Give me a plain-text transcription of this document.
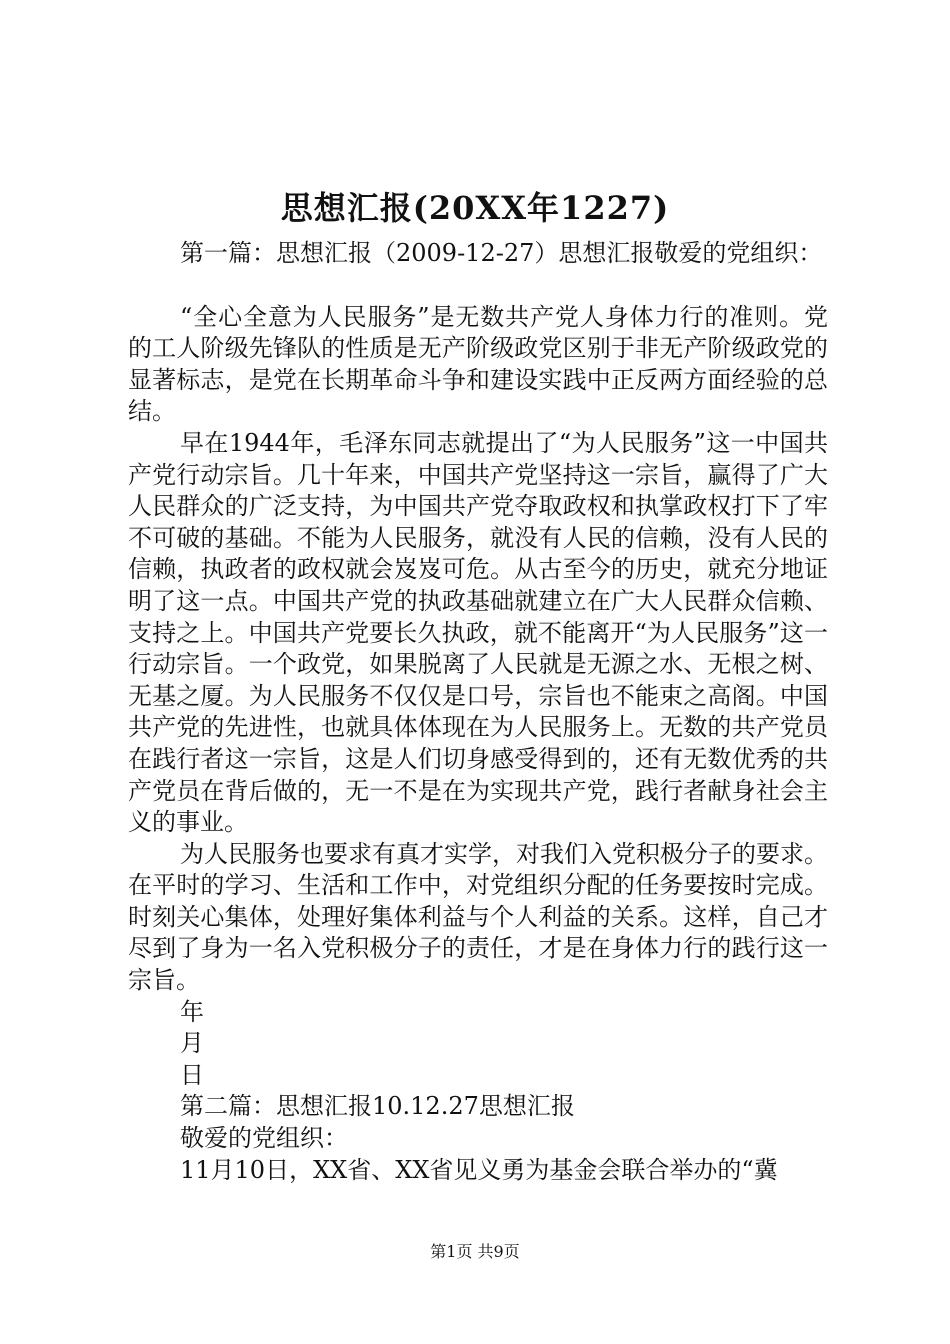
思想汇报(20XX年1227)

第一篇：思想汇报（2009-12-27）思想汇报敬爱的党组织：

“全心全意为人民服务”是无数共产党人身体力行的准则。党的工人阶级先锋队的性质是无产阶级政党区别于非无产阶级政党的显著标志，是党在长期革命斗争和建设实践中正反两方面经验的总结。

早在1944年，毛泽东同志就提出了“为人民服务”这一中国共产党行动宗旨。几十年来，中国共产党坚持这一宗旨，赢得了广大人民群众的广泛支持，为中国共产党夺取政权和执掌政权打下了牢不可破的基础。不能为人民服务，就没有人民的信赖，没有人民的信赖，执政者的政权就会岌岌可危。从古至今的历史，就充分地证明了这一点。中国共产党的执政基础就建立在广大人民群众信赖、支持之上。中国共产党要长久执政，就不能离开“为人民服务”这一行动宗旨。一个政党，如果脱离了人民就是无源之水、无根之树、无基之厦。为人民服务不仅仅是口号，宗旨也不能束之高阁。中国共产党的先进性，也就具体体现在为人民服务上。无数的共产党员在践行者这一宗旨，这是人们切身感受得到的，还有无数优秀的共产党员在背后做的，无一不是在为实现共产党，践行者献身社会主义的事业。

为人民服务也要求有真才实学，对我们入党积极分子的要求。在平时的学习、生活和工作中，对党组织分配的任务要按时完成。时刻关心集体，处理好集体利益与个人利益的关系。这样，自己才尽到了身为一名入党积极分子的责任，才是在身体力行的践行这一宗旨。

年

月

日

第二篇：思想汇报10.12.27思想汇报

敬爱的党组织：

11月10日，XX省、XX省见义勇为基金会联合举办的“冀

第1页 共9页
